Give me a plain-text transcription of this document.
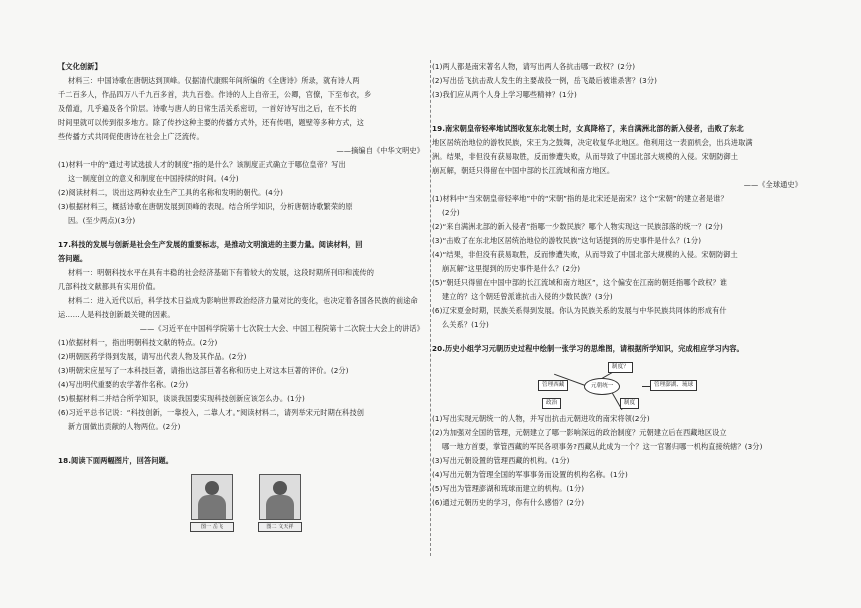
【文化创新】

材料三：中国诗歌在唐朝达到顶峰。仅据清代康熙年间所编的《全唐诗》所录，就有诗人两

千二百多人，作品四万八千九百多首，共九百卷。作诗的人上自帝王，公卿，官僚，下至布衣，乡

及僧道，几乎遍及各个阶层。诗歌与唐人的日常生活关系密切，一首好诗写出之后，在不长的

时间里就可以传到很多地方。除了传抄这种主要的传播方式外，还有传唱，题壁等多种方式，这

些传播方式共同促使唐诗在社会上广泛流传。

——摘编自《中华文明史》

(1)材料一中的“通过考试选拔人才的制度”指的是什么？该制度正式确立于哪位皇帝？写出

这一制度创立的意义和制度在中国持续的时间。(4分)

(2)阅读材料二，说出这两种农业生产工具的名称和发明的朝代。(4分)

(3)根据材料三，概括诗歌在唐朝发展到顶峰的表现。结合所学知识，分析唐朝诗歌繁荣的原

因。(至少两点)(3分)

17.科技的发展与创新是社会生产发展的重要标志，是推动文明演进的主要力量。阅读材料，回

答问题。

材料一：明朝科技水平在具有丰稳的社会经济基础下有着较大的发展，这段时期所刊印和流传的

几部科技文献都具有实用价值。

材料二：进入近代以后，科学技术日益成为影响世界政治经济力量对比的变化，也决定着各国各民族的前途命

运……人是科技创新最关键的因素。

——《习近平在中国科学院第十七次院士大会、中国工程院第十二次院士大会上的讲话》

(1)依据材料一，指出明朝科技文献的特点。(2分)

(2)明朝医药学得到发展，请写出代表人物及其作品。(2分)

(3)明朝宋应星写了一本科技巨著，请指出这部巨著名称和历史上对这本巨著的评价。(2分)

(4)写出明代重要的农学著作名称。(2分)

(5)根据材料二并结合所学知识，谈谈我国要实现科技创新应该怎么办。(1分)

(6)习近平总书记说：“科技创新，一靠投入，二靠人才。”阅读材料二，请列举宋元时期在科技创

新方面做出贡献的人物两位。(2分)

18.阅读下面两幅图片，回答问题。

图一 岳飞	图二 文天祥

(1)两人都是南宋著名人物，请写出两人各抗击哪一政权？(2分)

(2)写出岳飞抗击敌人发生的主要战役一例，岳飞最后被谁杀害？(3分)

(3)我们应从两个人身上学习哪些精神？(1分)

19.南宋朝皇帝轻率地试图收复东北领土时，女真降格了，来自满洲北部的新入侵者，击败了东北

地区居统治地位的游牧民族，宋王为之鼓舞，决定收复华北地区。他利用这一表面机会，出兵进取满

洲。结果，非但没有获易取胜，反而惨遭失败，从而导致了中国北部大规模的入侵。宋朝防御土

崩瓦解，朝廷只得留在中国中部的长江流域和南方地区。

——《全球通史》

(1)材料中“当宋朝皇帝轻率地”中的“宋朝”指的是北宋还是南宋？这个“宋朝”的建立者是谁？

(2分)

(2)“来自满洲北部的新入侵者”指哪一少数民族？哪个人物实现这一民族部落的统一？(2分)

(3)“击败了在东北地区居统治地位的游牧民族”这句话提到的历史事件是什么？(1分)

(4)“结果，非但没有获易取胜，反而惨遭失败，从而导致了中国北部大规模的入侵。宋朝防御土

崩瓦解”这里提到的历史事件是什么？(2分)

(5)“朝廷只得留在中国中部的长江流域和南方地区”，这个偏安在江南的朝廷指哪个政权？谁

建立的？这个朝廷曾派谁抗击入侵的少数民族？(3分)

(6)辽宋夏金时期，民族关系得到发展。你认为民族关系的发展与中华民族共同体的形成有什

么关系？(1分)

20.历史小组学习元朝历史过程中绘制一张学习的思维图，请根据所学知识，完成相应学习内容。

制度？
管理西藏	元朝统一	管理澎湖、琉球
政治	制度

(1)写出实现元朝统一的人物，并写出抗击元朝进攻的南宋将领(2分)

(2)为加强对全国的管理，元朝建立了哪一影响深远的政治制度？元朝建立后在西藏地区设立

哪一地方首要，掌管西藏的军民各项事务?西藏从此成为一个？这一官署归哪一机构直接统辖？(3分)

(3)写出元朝设置的管理西藏的机构。(1分)

(4)写出元朝为管理全国的军事事务而设置的机构名称。(1分)

(5)写出为管理澎湖和琉球而建立的机构。(1分)

(6)通过元朝历史的学习，你有什么感悟？(2分)
